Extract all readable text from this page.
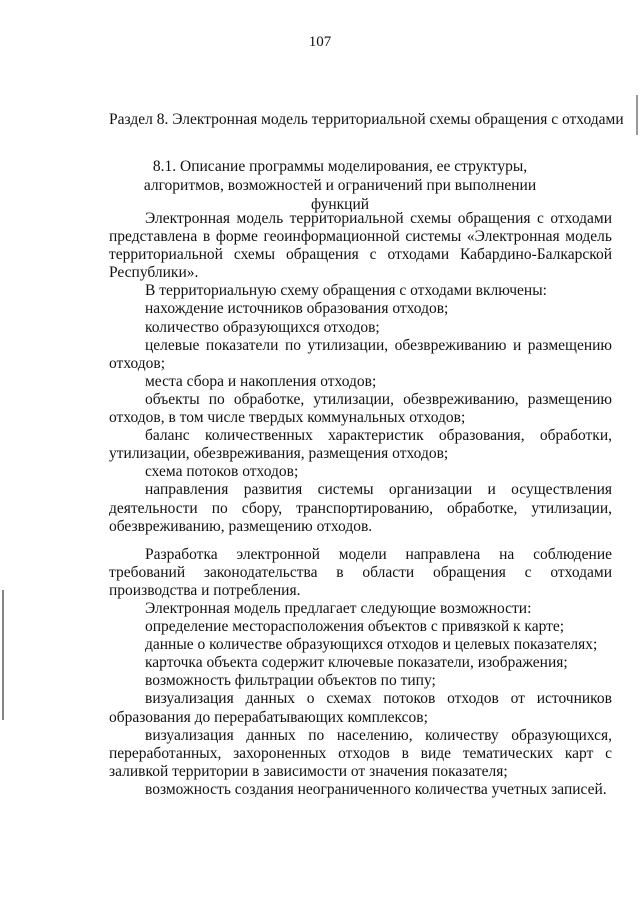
107
Раздел 8. Электронная модель территориальной схемы обращения с отходами
8.1. Описание программы моделирования, ее структуры, алгоритмов, возможностей и ограничений при выполнении функций

Электронная модель территориальной схемы обращения с отходами представлена в форме геоинформационной системы «Электронная модель территориальной схемы обращения с отходами Кабардино-Балкарской Республики».

В территориальную схему обращения с отходами включены:

нахождение источников образования отходов;

количество образующихся отходов;

целевые показатели по утилизации, обезвреживанию и размещению отходов;

места сбора и накопления отходов;

объекты по обработке, утилизации, обезвреживанию, размещению отходов, в том числе твердых коммунальных отходов;

баланс количественных характеристик образования, обработки, утилизации, обезвреживания, размещения отходов;

схема потоков отходов;

направления развития системы организации и осуществления деятельности по сбору, транспортированию, обработке, утилизации, обезвреживанию, размещению отходов.

Разработка электронной модели направлена на соблюдение требований законодательства в области обращения с отходами производства и потребления.

Электронная модель предлагает следующие возможности:

определение месторасположения объектов с привязкой к карте;

данные о количестве образующихся отходов и целевых показателях;

карточка объекта содержит ключевые показатели, изображения;

возможность фильтрации объектов по типу;

визуализация данных о схемах потоков отходов от источников образования до перерабатывающих комплексов;

визуализация данных по населению, количеству образующихся, переработанных, захороненных отходов в виде тематических карт с заливкой территории в зависимости от значения показателя;

возможность создания неограниченного количества учетных записей.
